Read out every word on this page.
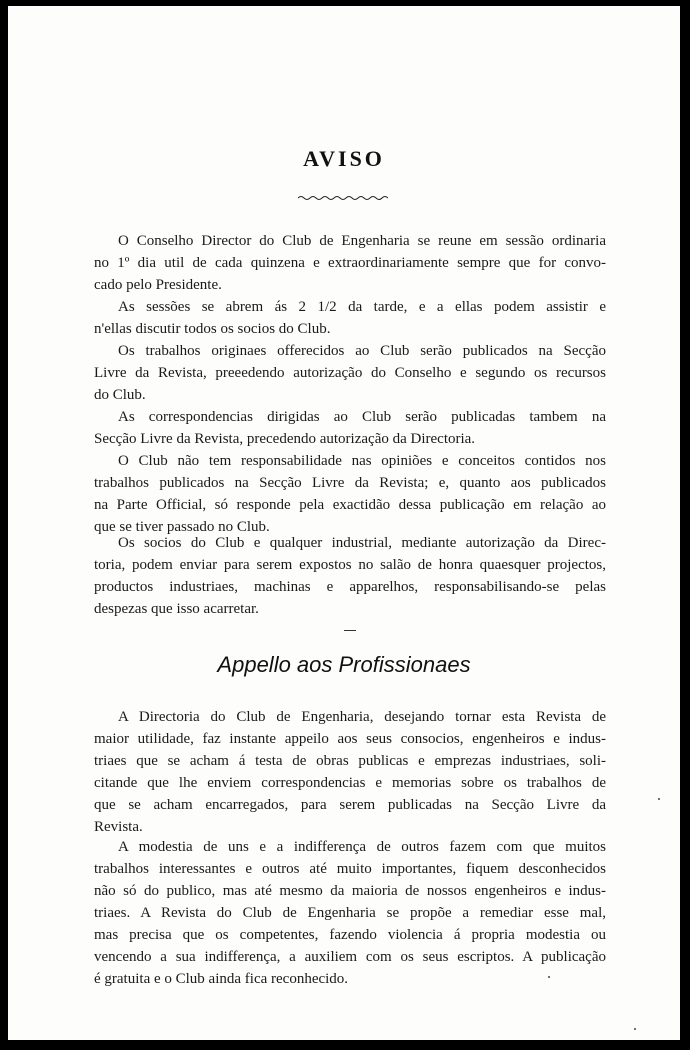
AVISO
O Conselho Director do Club de Engenharia se reune em sessão ordinaria
no 1º dia util de cada quinzena e extraordinariamente sempre que for convo-
cado pelo Presidente.
As sessões se abrem ás 2 1/2 da tarde, e a ellas podem assistir e
n'ellas discutir todos os socios do Club.
Os trabalhos originaes offerecidos ao Club serão publicados na Secção
Livre da Revista, preeedendo autorização do Conselho e segundo os recursos
do Club.
As correspondencias dirigidas ao Club serão publicadas tambem na
Secção Livre da Revista, precedendo autorização da Directoria.
O Club não tem responsabilidade nas opiniões e conceitos contidos nos
trabalhos publicados na Secção Livre da Revista; e, quanto aos publicados
na Parte Official, só responde pela exactidão dessa publicação em relação ao
que se tiver passado no Club.
Os socios do Club e qualquer industrial, mediante autorização da Direc-
toria, podem enviar para serem expostos no salão de honra quaesquer projectos,
productos industriaes, machinas e apparelhos, responsabilisando-se pelas
despezas que isso acarretar.
Appello aos Profissionaes
A Directoria do Club de Engenharia, desejando tornar esta Revista de
maior utilidade, faz instante appeilo aos seus consocios, engenheiros e indus-
triaes que se acham á testa de obras publicas e emprezas industriaes, soli-
citande que lhe enviem correspondencias e memorias sobre os trabalhos de
que se acham encarregados, para serem publicadas na Secção Livre da
Revista.
A modestia de uns e a indifferença de outros fazem com que muitos
trabalhos interessantes e outros até muito importantes, fiquem desconhecidos
não só do publico, mas até mesmo da maioria de nossos engenheiros e indus-
triaes. A Revista do Club de Engenharia se propõe a remediar esse mal,
mas precisa que os competentes, fazendo violencia á propria modestia ou
vencendo a sua indifferença, a auxiliem com os seus escriptos. A publicação
é gratuita e o Club ainda fica reconhecido.
